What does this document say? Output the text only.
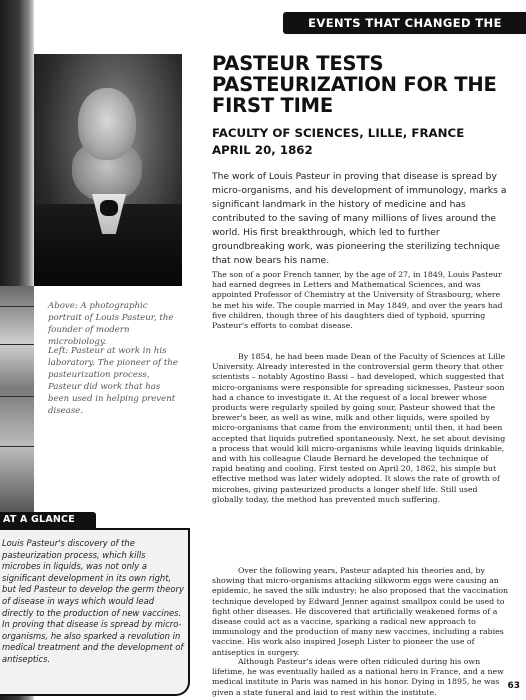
EVENTS THAT CHANGED THE WORLD

Above: A photographic portrait of Louis Pasteur, the founder of modern microbiology.

Left: Pasteur at work in his laboratory. The pioneer of the pasteurization process, Pasteur did work that has been used in helping prevent disease.

AT A GLANCE

Louis Pasteur's discovery of the pasteurization process, which kills microbes in liquids, was not only a significant development in its own right, but led Pasteur to develop the germ theory of disease in ways which would lead directly to the production of new vaccines. In proving that disease is spread by micro-organisms, he also sparked a revolution in medical treatment and the development of antiseptics.

PASTEUR TESTS PASTEURIZATION FOR THE FIRST TIME

FACULTY OF SCIENCES, LILLE, FRANCE

APRIL 20, 1862

The work of Louis Pasteur in proving that disease is spread by micro-organisms, and his development of immunology, marks a significant landmark in the history of medicine and has contributed to the saving of many millions of lives around the world. His first breakthrough, which led to further groundbreaking work, was pioneering the sterilizing technique that now bears his name.

The son of a poor French tanner, by the age of 27, in 1849, Louis Pasteur had earned degrees in Letters and Mathematical Sciences, and was appointed Professor of Chemistry at the University of Strasbourg, where he met his wife. The couple married in May 1849, and over the years had five children, though three of his daughters died of typhoid, spurring Pasteur's efforts to combat disease.

By 1854, he had been made Dean of the Faculty of Sciences at Lille University. Already interested in the controversial germ theory that other scientists – notably Agostino Bassi – had developed, which suggested that micro-organisms were responsible for spreading sicknesses, Pasteur soon had a chance to investigate it. At the request of a local brewer whose products were regularly spoiled by going sour, Pasteur showed that the brewer's beer, as well as wine, milk and other liquids, were spoiled by micro-organisms that came from the environment; until then, it had been accepted that liquids putrefied spontaneously. Next, he set about devising a process that would kill micro-organisms while leaving liquids drinkable, and with his colleague Claude Bernard he developed the technique of rapid heating and cooling. First tested on April 20, 1862, his simple but effective method was later widely adopted. It slows the rate of growth of microbes, giving pasteurized products a longer shelf life. Still used globally today, the method has prevented much suffering.

Over the following years, Pasteur adapted his theories and, by showing that micro-organisms attacking silkworm eggs were causing an epidemic, he saved the silk industry; he also proposed that the vaccination technique developed by Edward Jenner against smallpox could be used to fight other diseases. He discovered that artificially weakened forms of a disease could act as a vaccine, sparking a radical new approach to immunology and the production of many new vaccines, including a rabies vaccine. His work also inspired Joseph Lister to pioneer the use of antiseptics in surgery.

Although Pasteur's ideas were often ridiculed during his own lifetime, he was eventually hailed as a national hero in France, and a new medical institute in Paris was named in his honor. Dying in 1895, he was given a state funeral and laid to rest within the institute.

63
